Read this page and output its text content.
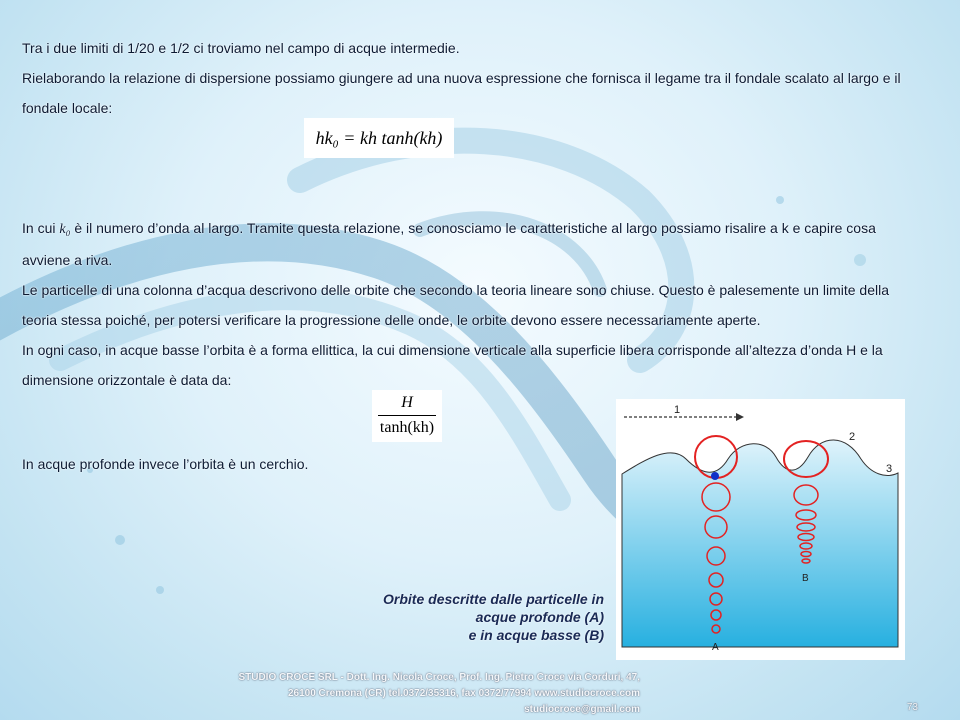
Tra i due limiti di 1/20 e 1/2 ci troviamo nel campo di acque intermedie.
Rielaborando la relazione di dispersione possiamo giungere ad una nuova espressione che fornisca il legame tra il fondale scalato al largo e il fondale locale:
hk₀ = kh tanh(kh)
In cui k₀ è il numero d’onda al largo. Tramite questa relazione, se conosciamo le caratteristiche al largo possiamo risalire a k e capire cosa avviene a riva.
Le particelle di una colonna d’acqua descrivono delle orbite che secondo la teoria lineare sono chiuse. Questo è palesemente un limite della teoria stessa poiché, per potersi verificare la progressione delle onde, le orbite devono essere necessariamente aperte.
In ogni caso, in acque basse l’orbita è a forma ellittica, la cui dimensione verticale alla superficie libera corrisponde all’altezza d’onda H e la dimensione orizzontale è data da:
H
tanh(kh)
In acque profonde invece l’orbita è un cerchio.
1
2
3
A
B
Orbite descritte dalle particelle in
acque profonde (A)
e in acque basse (B)
STUDIO CROCE SRL - Dott. Ing. Nicola Croce, Prof. Ing. Pietro Croce via Corduri, 47,
26100 Cremona (CR) tel.0372/35316, fax 0372/77994 www.studiocroce.com
studiocroce@gmail.com	73
